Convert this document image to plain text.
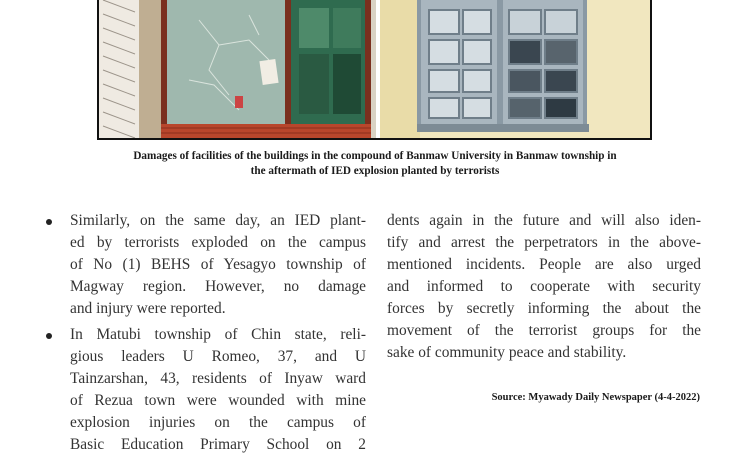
Damages of facilities of the buildings in the compound of Banmaw University in Banmaw township in
the aftermath of IED explosion planted by terrorists
Similarly, on the same day, an IED plant-
ed by terrorists exploded on the campus
of No (1) BEHS of Yesagyo township of
Magway region. However, no damage
and injury were reported.
In Matubi township of Chin state, reli-
gious leaders U Romeo, 37, and U
Tainzarshan, 43, residents of Inyaw ward
of Rezua town were wounded with mine
explosion injuries on the campus of
Basic Education Primary School on 2
dents again in the future and will also iden-
tify and arrest the perpetrators in the above-
mentioned incidents. People are also urged
and informed to cooperate with security
forces by secretly informing the about the
movement of the terrorist groups for the
sake of community peace and stability.
Source: Myawady Daily Newspaper (4-4-2022)
